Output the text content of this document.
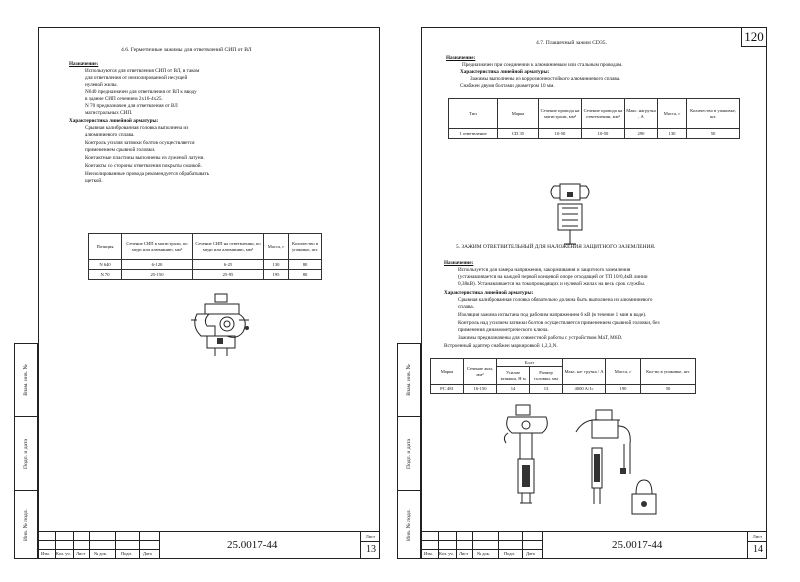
Инв. № подл.
Подп. и дата
Взам. инв. №
4.6. Герметичные зажимы для ответвлений СИП от ВЛ
Назначение:
Используются для ответвления СИП от ВЛ, в таком
для ответвления от неизолированной несущей
нулевой жилы.
N640 предназначен для ответвления от ВЛ к вводу
в здание СИП сечением 2х16-4х25.
N 70 предназначен для ответвления от ВЛ
магистральных СИП.
Характеристика линейной арматуры:
Срывная калиброванная головка выполнена из
алюминиевого сплава.
Контроль усилия затяжки болтов осуществляется
применением срывной головки.
Контактные пластины выполнены из луженой латуни.
Контакты со стороны ответвления покрыты смазкой.
Неизолированные провода рекомендуется обрабатывать
щеткой.
Позиция	Сечение СИП в магистрали, по меди или алюминию, мм²	Сечение СИП на ответвлении, по меди или алюминию, мм²	Масса, г	Количество в упаковке, шт.
N 640	6-120	6-25	130	80
N 70	25-150	25-95	195	80
Изм. Кол. уч. Лист № док.	Подп.	Дата
25.0017-44
Лист
13
Инв. № подл.
Подп. и дата
Взам. инв. №
120
4.7. Плашечный зажим CD35.
Назначение:
Предназначен при соединении к алюминиевым или стальным проводам.
Характеристика линейной арматуры:
Зажимы выполнены из коррозионностойкого алюминиевого сплава.
Снабжен двумя болтами диаметром 10 мм.
Тип	Марка	Сечение провода на магистрали, мм²	Сечение провода на ответвлении, мм²	Макс. нагрузка , А	Масса, г	Количество в упаковке, шт.
1 ответвление	CD 35	10-50	10-50	290	130	50
5. ЗАЖИМ ОТВЕТВИТЕЛЬНЫЙ ДЛЯ НАЛОЖЕНИЯ ЗАЩИТНОГО ЗАЗЕМЛЕНИЯ.
Назначение:
Используется для замера напряжения, закорачивания и защитного заземления
(устанавливается на каждой первой концевой опоре отходящей от ТП 10/0,4кВ линии
0,38кВ). Устанавливается на токопроводящих и нулевой жилах на весь срок службы.
Характеристика линейной арматуры:
Срывная калиброванная головка обязательно должна быть выполнена из алюминиевого
сплава.
Изоляция зажима испытана под рабочим напряжением 6 кВ (в течение 1 мин в воде).
Контроль над усилием затяжки болтов осуществляется применением срывной головки, без
применения динамометрического ключа.
Зажимы предназначены для совместной работы с устройством MaT, M6D.
Встроенный адаптер снабжен маркировкой 1,2,3,N.
Марка	Сечение жил, мм²	Болт		Макс. на- грузка / А	Масса, г	Кол-во в упаковке, шт.
		Усилие затяжки, Н м	Размер головки, мм			
PC 481	16-150	14	13	4000 A/1c	190	50
Изм. Кол. уч. Лист № док.	Подп.	Дата
25.0017-44
Лист
14
